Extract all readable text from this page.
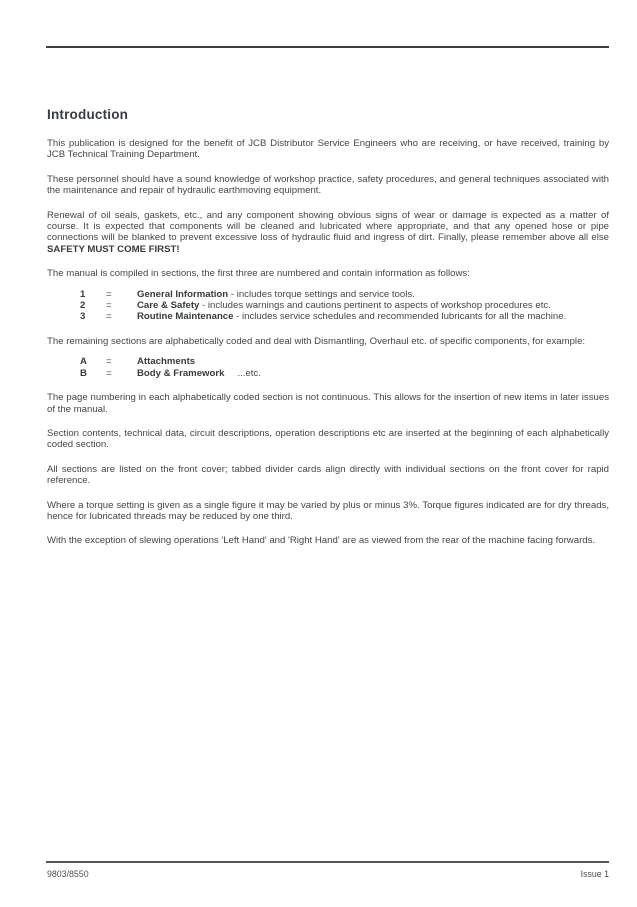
Introduction

This publication is designed for the benefit of JCB Distributor Service Engineers who are receiving, or have received, training by JCB Technical Training Department.

These personnel should have a sound knowledge of workshop practice, safety procedures, and general techniques associated with the maintenance and repair of hydraulic earthmoving equipment.

Renewal of oil seals, gaskets, etc., and any component showing obvious signs of wear or damage is expected as a matter of course. It is expected that components will be cleaned and lubricated where appropriate, and that any opened hose or pipe connections will be blanked to prevent excessive loss of hydraulic fluid and ingress of dirt. Finally, please remember above all else SAFETY MUST COME FIRST!

The manual is compiled in sections, the first three are numbered and contain information as follows:

1	=	General Information - includes torque settings and service tools.
2	=	Care & Safety - includes warnings and cautions pertinent to aspects of workshop procedures etc.
3	=	Routine Maintenance - includes service schedules and recommended lubricants for all the machine.

The remaining sections are alphabetically coded and deal with Dismantling, Overhaul etc. of specific components, for example:

A	=	Attachments
B	=	Body & Framework ...etc.

The page numbering in each alphabetically coded section is not continuous. This allows for the insertion of new items in later issues of the manual.

Section contents, technical data, circuit descriptions, operation descriptions etc are inserted at the beginning of each alphabetically coded section.

All sections are listed on the front cover; tabbed divider cards align directly with individual sections on the front cover for rapid reference.

Where a torque setting is given as a single figure it may be varied by plus or minus 3%. Torque figures indicated are for dry threads, hence for lubricated threads may be reduced by one third.

With the exception of slewing operations 'Left Hand' and 'Right Hand' are as viewed from the rear of the machine facing forwards.

9803/8550	Issue 1
